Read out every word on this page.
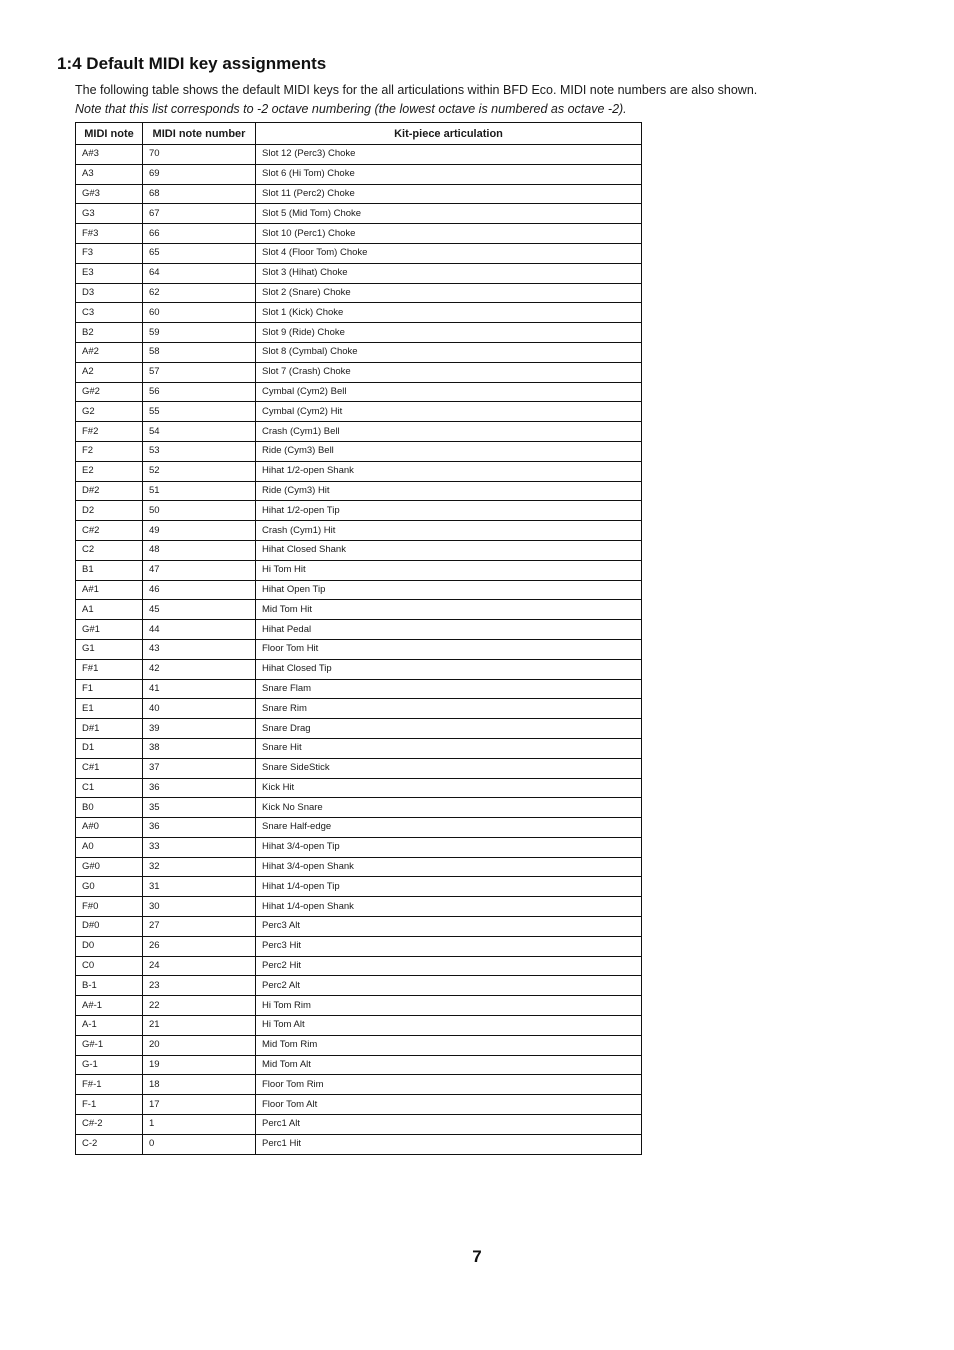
1:4 Default MIDI key assignments
The following table shows the default MIDI keys for the all articulations within BFD Eco. MIDI note numbers are also shown.
Note that this list corresponds to -2 octave numbering (the lowest octave is numbered as octave -2).
MIDI note	MIDI note number	Kit-piece articulation
A#3	70	Slot 12 (Perc3) Choke
A3	69	Slot 6 (Hi Tom) Choke
G#3	68	Slot 11 (Perc2) Choke
G3	67	Slot 5 (Mid Tom) Choke
F#3	66	Slot 10 (Perc1) Choke
F3	65	Slot 4 (Floor Tom) Choke
E3	64	Slot 3 (Hihat) Choke
D3	62	Slot 2 (Snare) Choke
C3	60	Slot 1 (Kick) Choke
B2	59	Slot 9 (Ride) Choke
A#2	58	Slot 8 (Cymbal) Choke
A2	57	Slot 7 (Crash) Choke
G#2	56	Cymbal (Cym2) Bell
G2	55	Cymbal (Cym2) Hit
F#2	54	Crash (Cym1) Bell
F2	53	Ride (Cym3) Bell
E2	52	Hihat 1/2-open Shank
D#2	51	Ride (Cym3) Hit
D2	50	Hihat 1/2-open Tip
C#2	49	Crash (Cym1) Hit
C2	48	Hihat Closed Shank
B1	47	Hi Tom Hit
A#1	46	Hihat Open Tip
A1	45	Mid Tom Hit
G#1	44	Hihat Pedal
G1	43	Floor Tom Hit
F#1	42	Hihat Closed Tip
F1	41	Snare Flam
E1	40	Snare Rim
D#1	39	Snare Drag
D1	38	Snare Hit
C#1	37	Snare SideStick
C1	36	Kick Hit
B0	35	Kick No Snare
A#0	36	Snare Half-edge
A0	33	Hihat 3/4-open Tip
G#0	32	Hihat 3/4-open Shank
G0	31	Hihat 1/4-open Tip
F#0	30	Hihat 1/4-open Shank
D#0	27	Perc3 Alt
D0	26	Perc3 Hit
C0	24	Perc2 Hit
B-1	23	Perc2 Alt
A#-1	22	Hi Tom Rim
A-1	21	Hi Tom Alt
G#-1	20	Mid Tom Rim
G-1	19	Mid Tom Alt
F#-1	18	Floor Tom Rim
F-1	17	Floor Tom Alt
C#-2	1	Perc1 Alt
C-2	0	Perc1 Hit
7
